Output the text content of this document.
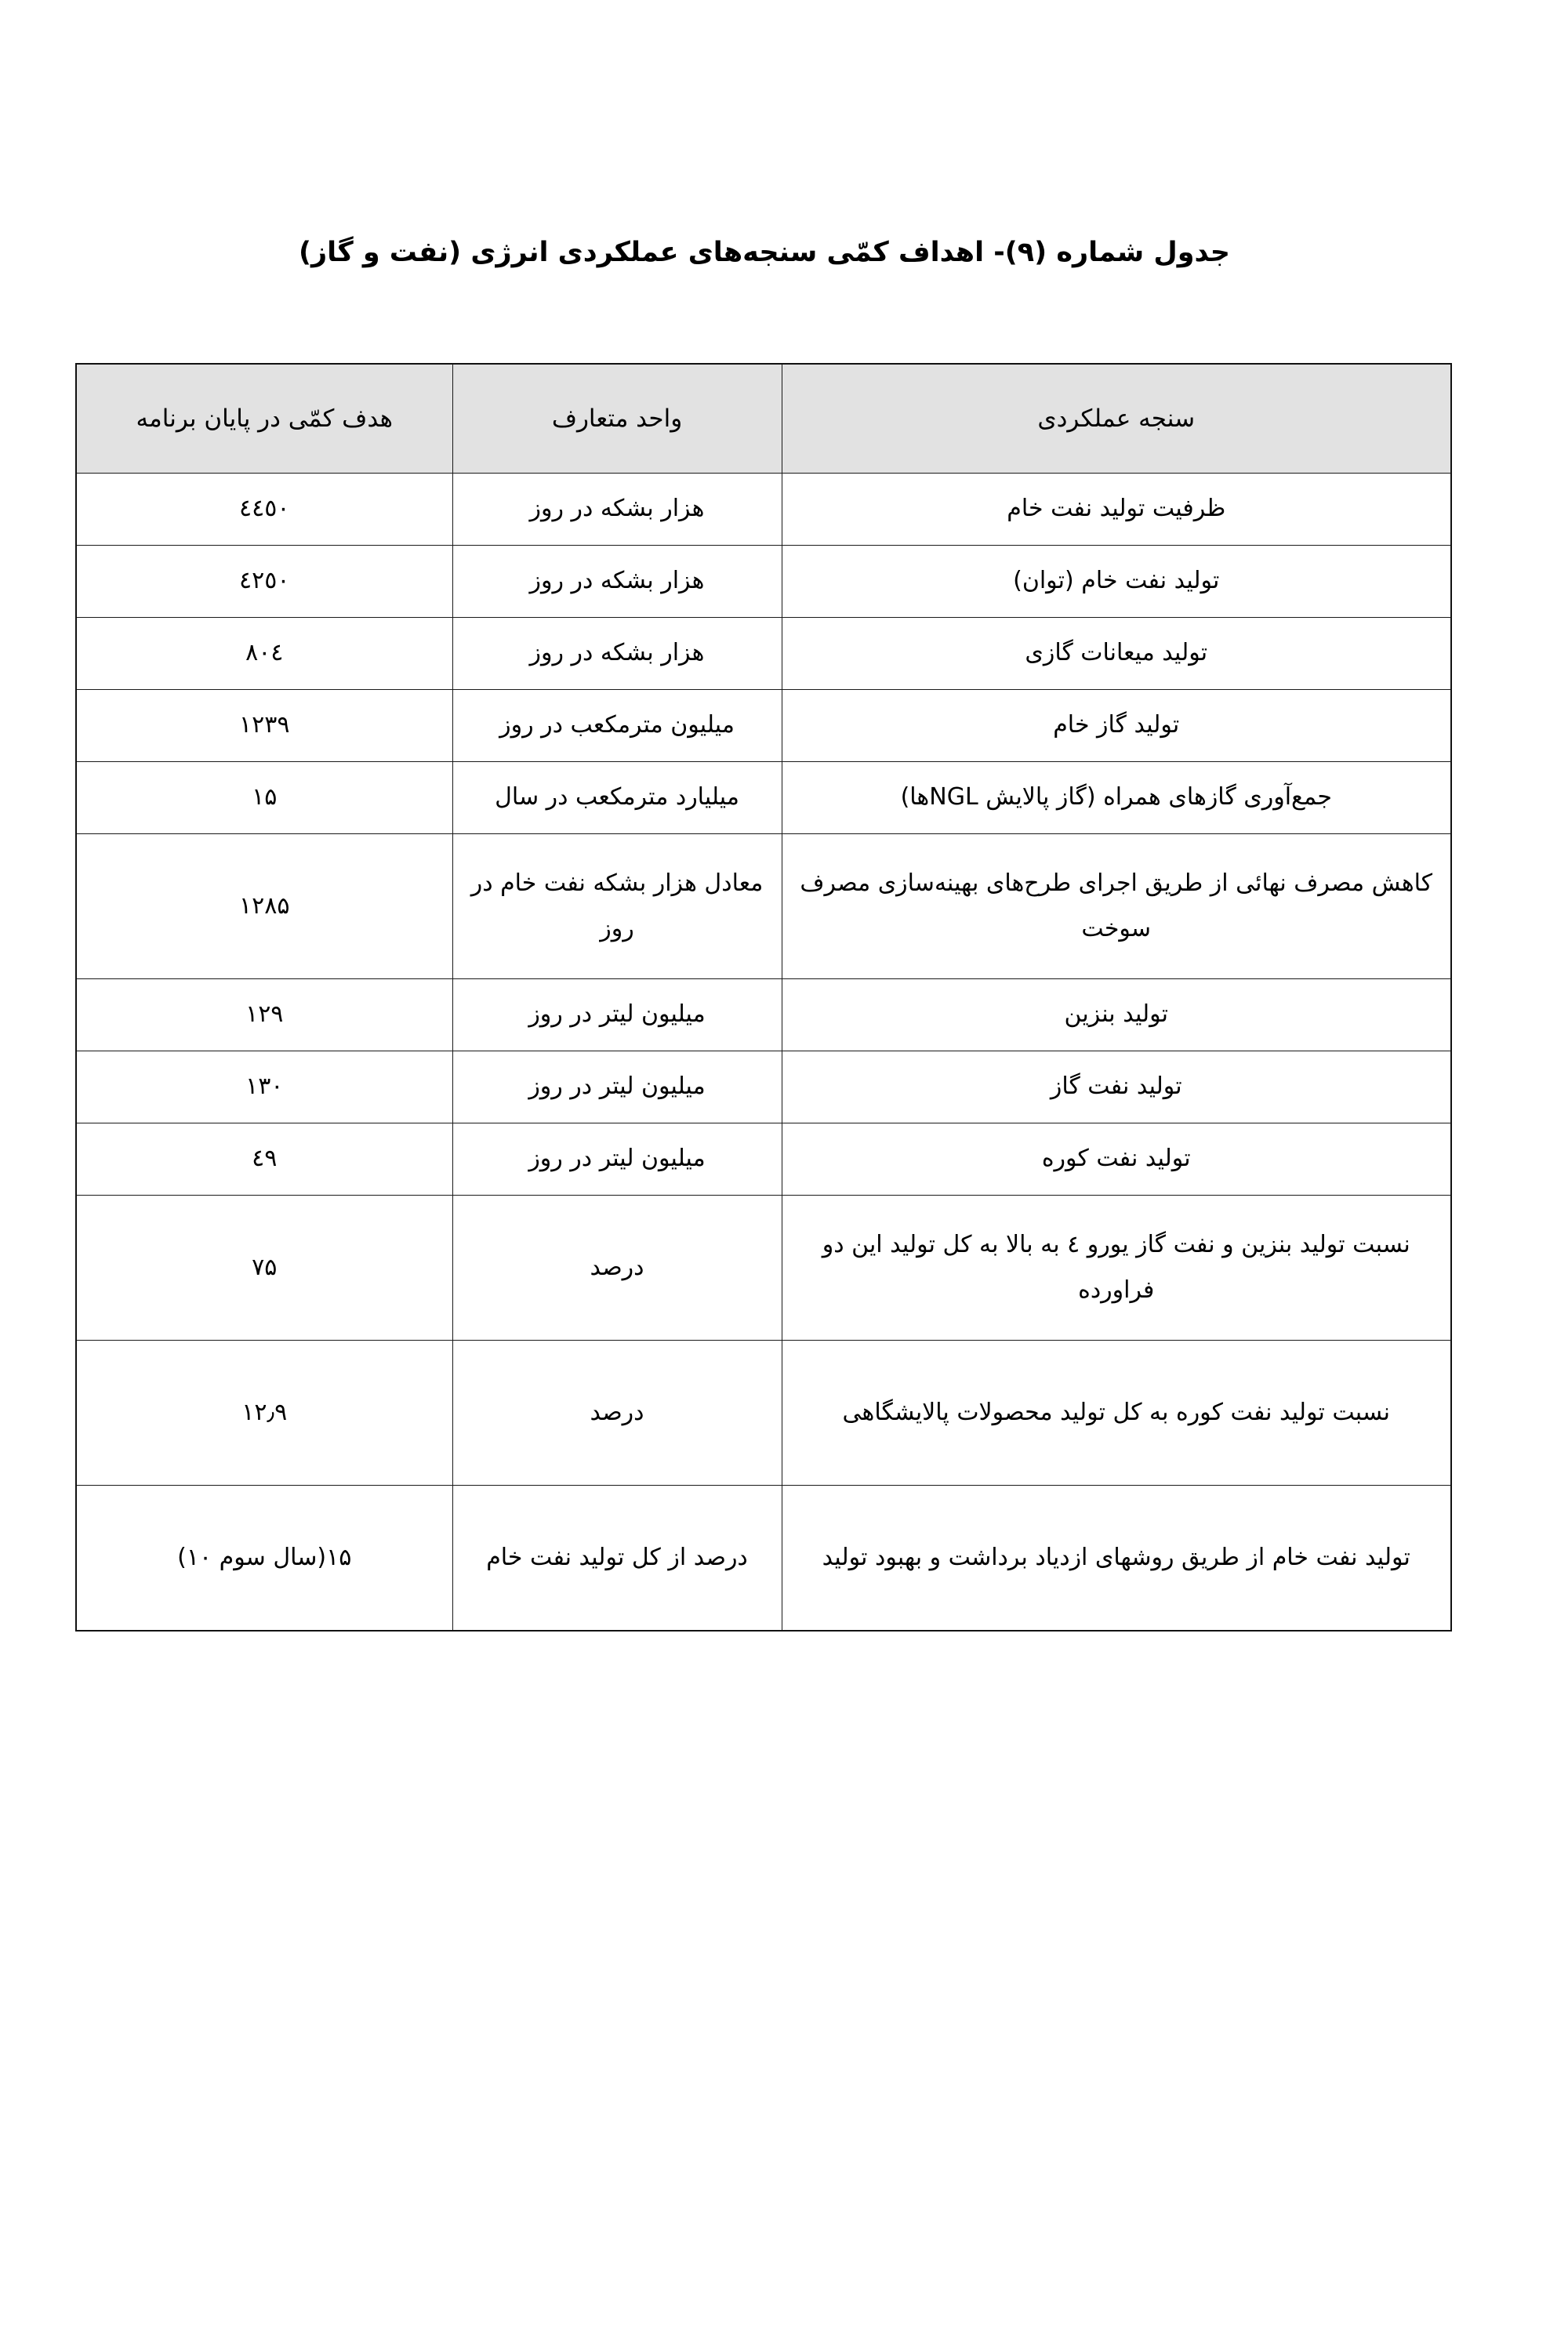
جدول شماره (۹)- اهداف کمّی سنجه‌های عملکردی انرژی (نفت و گاز)
سنجه عملکردی	واحد متعارف	هدف کمّی در پایان برنامه
ظرفیت تولید نفت خام	هزار بشکه در روز	٤٤٥٠
تولید نفت خام (توان)	هزار بشکه در روز	٤٢٥٠
تولید میعانات گازی	هزار بشکه در روز	٨٠٤
تولید گاز خام	میلیون مترمکعب در روز	۱۲۳۹
جمع‌آوری گازهای همراه (گاز پالایش NGLها)	میلیارد مترمکعب در سال	۱۵
کاهش مصرف نهائی از طریق اجرای طرح‌های بهینه‌سازی مصرف سوخت	معادل هزار بشکه نفت خام در روز	۱۲۸۵
تولید بنزین	میلیون لیتر در روز	۱۲۹
تولید نفت گاز	میلیون لیتر در روز	۱۳۰
تولید نفت کوره	میلیون لیتر در روز	٤٩
نسبت تولید بنزین و نفت گاز یورو ٤ به بالا به کل تولید این دو فراورده	درصد	۷۵
نسبت تولید نفت کوره به کل تولید محصولات پالایشگاهی	درصد	۱۲٫۹
تولید نفت خام از طریق روشهای ازدیاد برداشت و بهبود تولید	درصد از کل تولید نفت خام	۱۵(سال سوم ۱۰)
